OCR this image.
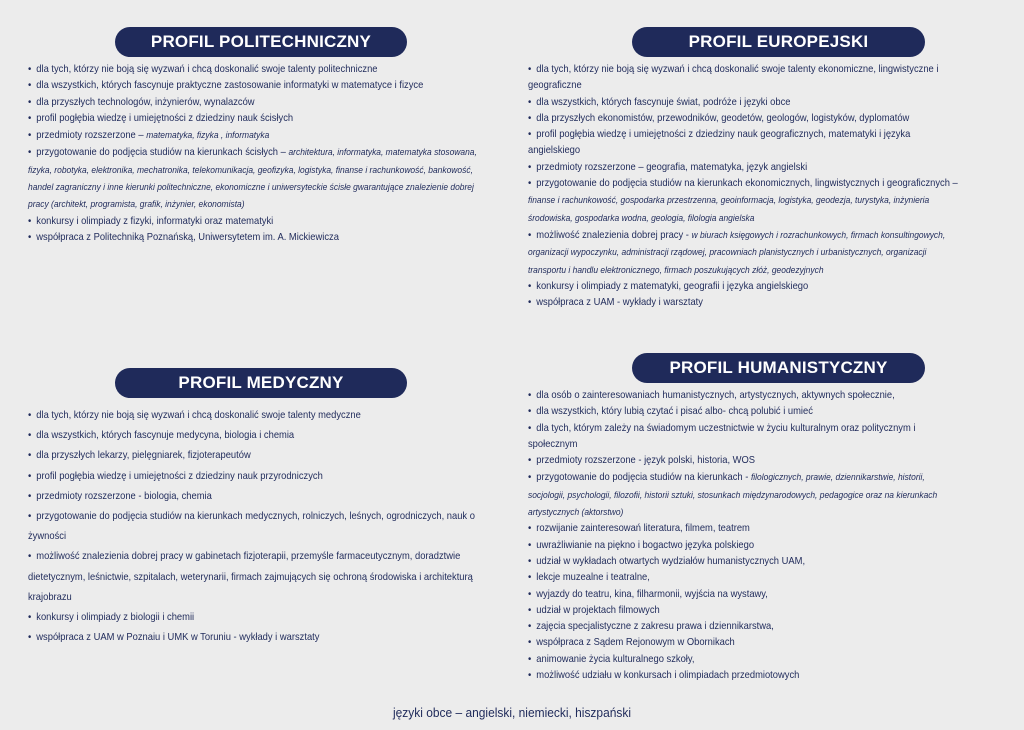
PROFIL POLITECHNICZNY
• dla tych, którzy nie boją się wyzwań i chcą doskonalić swoje talenty politechniczne
• dla wszystkich, których fascynuje praktyczne zastosowanie informatyki w matematyce i fizyce
• dla przyszłych technologów, inżynierów, wynalazców
• profil pogłębia wiedzę i umiejętności z dziedziny nauk ścisłych
• przedmioty rozszerzone – matematyka, fizyka , informatyka
• przygotowanie do podjęcia studiów na kierunkach ścisłych – architektura, informatyka, matematyka stosowana, fizyka, robotyka, elektronika, mechatronika, telekomunikacja, geofizyka, logistyka, finanse i rachunkowość, bankowość, handel zagraniczny i inne kierunki politechniczne, ekonomiczne i uniwersyteckie ścisłe gwarantujące znalezienie dobrej pracy (architekt, programista, grafik, inżynier, ekonomista)
• konkursy i olimpiady z fizyki, informatyki oraz matematyki
• współpraca z Politechniką Poznańską, Uniwersytetem im. A. Mickiewicza
PROFIL EUROPEJSKI
• dla tych, którzy nie boją się wyzwań i chcą doskonalić swoje talenty ekonomiczne, lingwistyczne i geograficzne
• dla wszystkich, których fascynuje świat, podróże i języki obce
• dla przyszłych ekonomistów, przewodników, geodetów, geologów, logistyków, dyplomatów
• profil pogłębia wiedzę i umiejętności z dziedziny nauk geograficznych, matematyki i języka angielskiego
• przedmioty rozszerzone – geografia, matematyka, język angielski
• przygotowanie do podjęcia studiów na kierunkach ekonomicznych, lingwistycznych i geograficznych – finanse i rachunkowość, gospodarka przestrzenna, geoinformacja, logistyka, geodezja, turystyka, inżynieria środowiska, gospodarka wodna, geologia, filologia angielska
• możliwość znalezienia dobrej pracy - w biurach księgowych i rozrachunkowych, firmach konsultingowych, organizacji wypoczynku, administracji rządowej, pracowniach planistycznych i urbanistycznych, organizacji transportu i handlu elektronicznego, firmach poszukujących złóż, geodezyjnych
• konkursy i olimpiady z matematyki, geografii i języka angielskiego
• współpraca z UAM - wykłady i warsztaty
PROFIL MEDYCZNY
• dla tych, którzy nie boją się wyzwań i chcą doskonalić swoje talenty medyczne
• dla wszystkich, których fascynuje medycyna, biologia i chemia
• dla przyszłych lekarzy, pielęgniarek, fizjoterapeutów
• profil pogłębia wiedzę i umiejętności z dziedziny nauk przyrodniczych
• przedmioty rozszerzone - biologia, chemia
• przygotowanie do podjęcia studiów na kierunkach medycznych, rolniczych, leśnych, ogrodniczych, nauk o żywności
• możliwość znalezienia dobrej pracy w gabinetach fizjoterapii, przemyśle farmaceutycznym, doradztwie dietetycznym, leśnictwie, szpitalach, weterynarii, firmach zajmujących się ochroną środowiska i architekturą krajobrazu
• konkursy i olimpiady z biologii i chemii
• współpraca z UAM w Poznaiu i UMK w Toruniu - wykłady i warsztaty
PROFIL HUMANISTYCZNY
• dla osób o zainteresowaniach humanistycznych, artystycznych, aktywnych społecznie,
• dla wszystkich, który lubią czytać i pisać albo- chcą polubić i umieć
• dla tych, którym zależy na świadomym uczestnictwie w życiu kulturalnym oraz politycznym i społecznym
• przedmioty rozszerzone - język polski, historia, WOS
• przygotowanie do podjęcia studiów na kierunkach - filologicznych, prawie, dziennikarstwie, historii, socjologii, psychologii, filozofii, historii sztuki, stosunkach międzynarodowych, pedagogice oraz na kierunkach artystycznych (aktorstwo)
• rozwijanie zainteresowań literatura, filmem, teatrem
• uwrażliwianie na piękno i bogactwo języka polskiego
• udział w wykładach otwartych wydziałów humanistycznych UAM,
• lekcje muzealne i teatralne,
• wyjazdy do teatru, kina, filharmonii, wyjścia na wystawy,
• udział w projektach filmowych
• zajęcia specjalistyczne z zakresu prawa i dziennikarstwa,
• współpraca z Sądem Rejonowym w Obornikach
• animowanie życia kulturalnego szkoły,
• możliwość udziału w konkursach i olimpiadach przedmiotowych
języki obce – angielski, niemiecki, hiszpański
